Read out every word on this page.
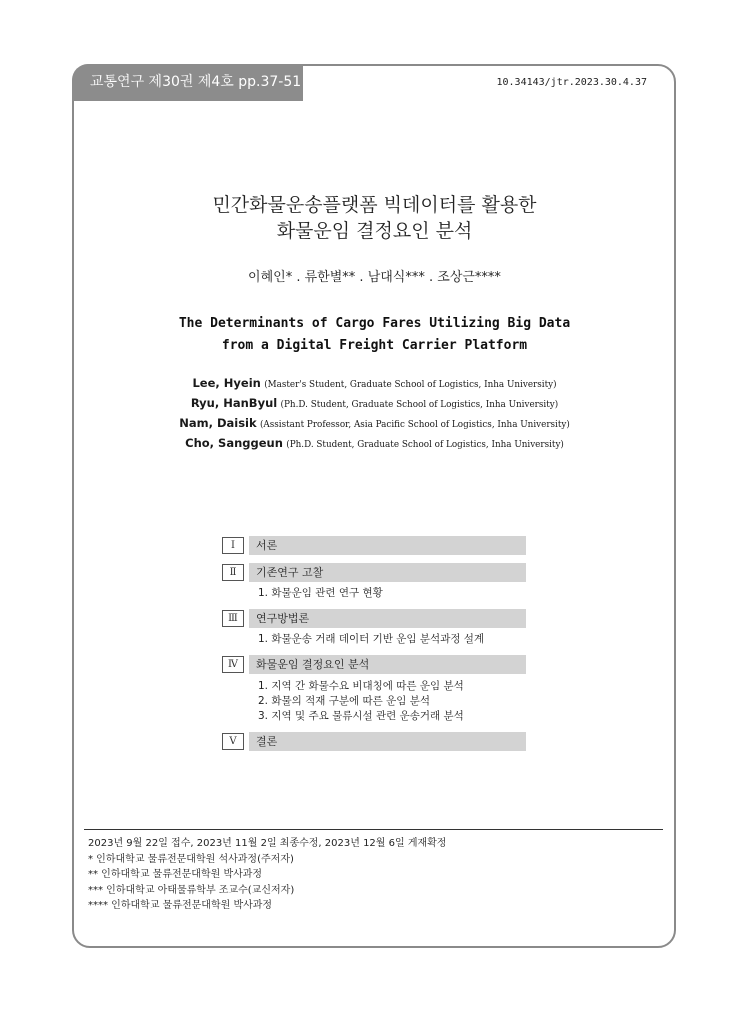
교통연구 제30권 제4호 pp.37-51	10.34143/jtr.2023.30.4.37
민간화물운송플랫폼 빅데이터를 활용한
화물운임 결정요인 분석
이혜인* . 류한별** . 남대식*** . 조상근****
The Determinants of Cargo Fares Utilizing Big Data
from a Digital Freight Carrier Platform
Lee, Hyein (Master's Student, Graduate School of Logistics, Inha University)
Ryu, HanByul (Ph.D. Student, Graduate School of Logistics, Inha University)
Nam, Daisik (Assistant Professor, Asia Pacific School of Logistics, Inha University)
Cho, Sanggeun (Ph.D. Student, Graduate School of Logistics, Inha University)
Ⅰ	서론
Ⅱ	기존연구 고찰
1. 화물운임 관련 연구 현황
Ⅲ	연구방법론
1. 화물운송 거래 데이터 기반 운임 분석과정 설계
Ⅳ	화물운임 결정요인 분석
1. 지역 간 화물수요 비대칭에 따른 운임 분석
2. 화물의 적재 구분에 따른 운임 분석
3. 지역 및 주요 물류시설 관련 운송거래 분석
Ⅴ	결론
2023년 9월 22일 접수, 2023년 11월 2일 최종수정, 2023년 12월 6일 게재확정
* 인하대학교 물류전문대학원 석사과정(주저자)
** 인하대학교 물류전문대학원 박사과정
*** 인하대학교 아태물류학부 조교수(교신저자)
**** 인하대학교 물류전문대학원 박사과정
